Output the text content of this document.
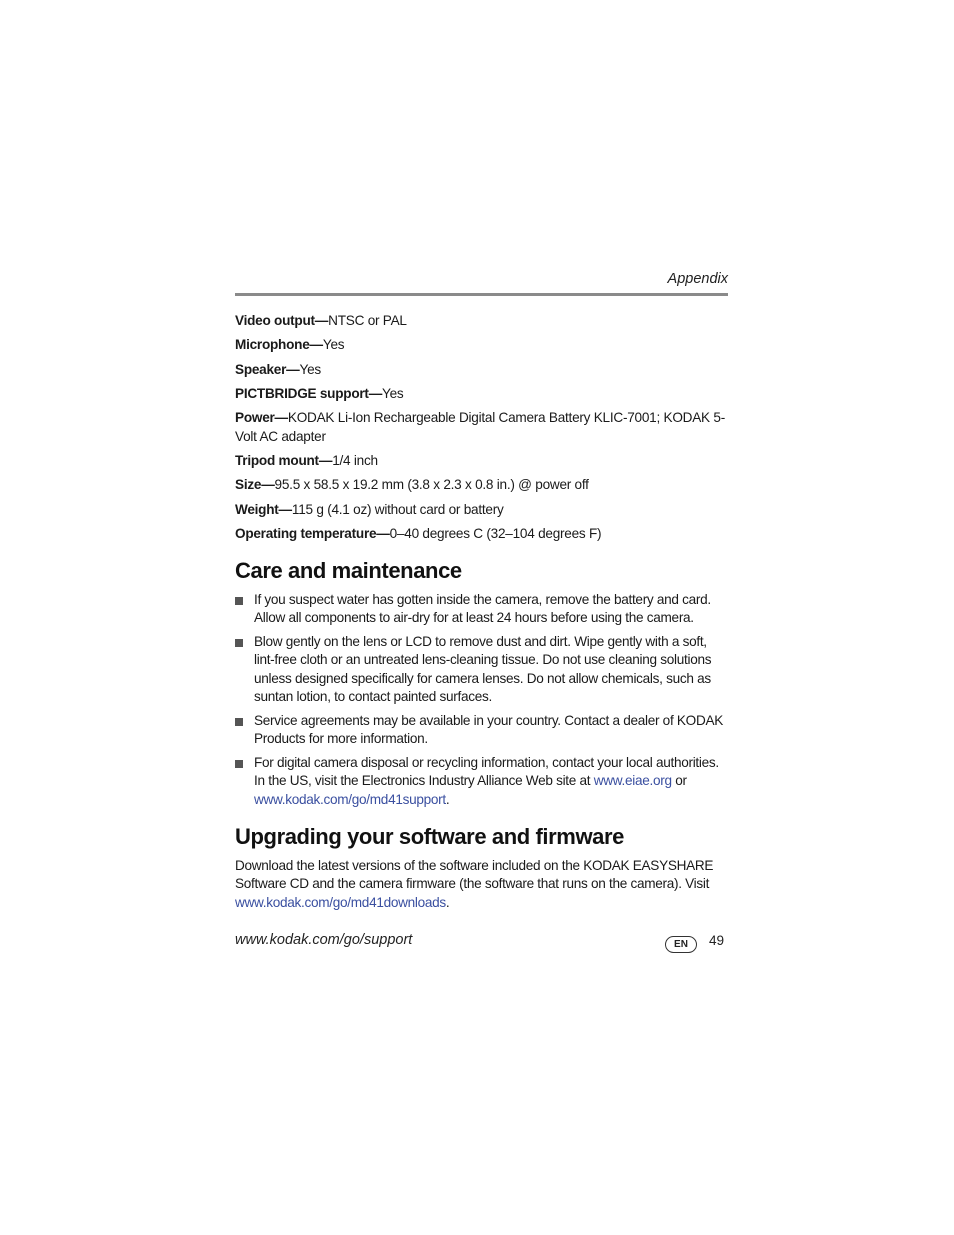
Appendix

Video output—NTSC or PAL

Microphone—Yes

Speaker—Yes

PICTBRIDGE support—Yes

Power—KODAK Li-Ion Rechargeable Digital Camera Battery KLIC-7001; KODAK 5-Volt AC adapter

Tripod mount—1/4 inch

Size—95.5 x 58.5 x 19.2 mm (3.8 x 2.3 x 0.8 in.) @ power off

Weight—115 g (4.1 oz) without card or battery

Operating temperature—0–40 degrees C (32–104 degrees F)

Care and maintenance
If you suspect water has gotten inside the camera, remove the battery and card. Allow all components to air-dry for at least 24 hours before using the camera.
Blow gently on the lens or LCD to remove dust and dirt. Wipe gently with a soft, lint-free cloth or an untreated lens-cleaning tissue. Do not use cleaning solutions unless designed specifically for camera lenses. Do not allow chemicals, such as suntan lotion, to contact painted surfaces.
Service agreements may be available in your country. Contact a dealer of KODAK Products for more information.
For digital camera disposal or recycling information, contact your local authorities. In the US, visit the Electronics Industry Alliance Web site at www.eiae.org or www.kodak.com/go/md41support.
Upgrading your software and firmware

Download the latest versions of the software included on the KODAK EASYSHARE Software CD and the camera firmware (the software that runs on the camera). Visit www.kodak.com/go/md41downloads.

www.kodak.com/go/support	EN	49
